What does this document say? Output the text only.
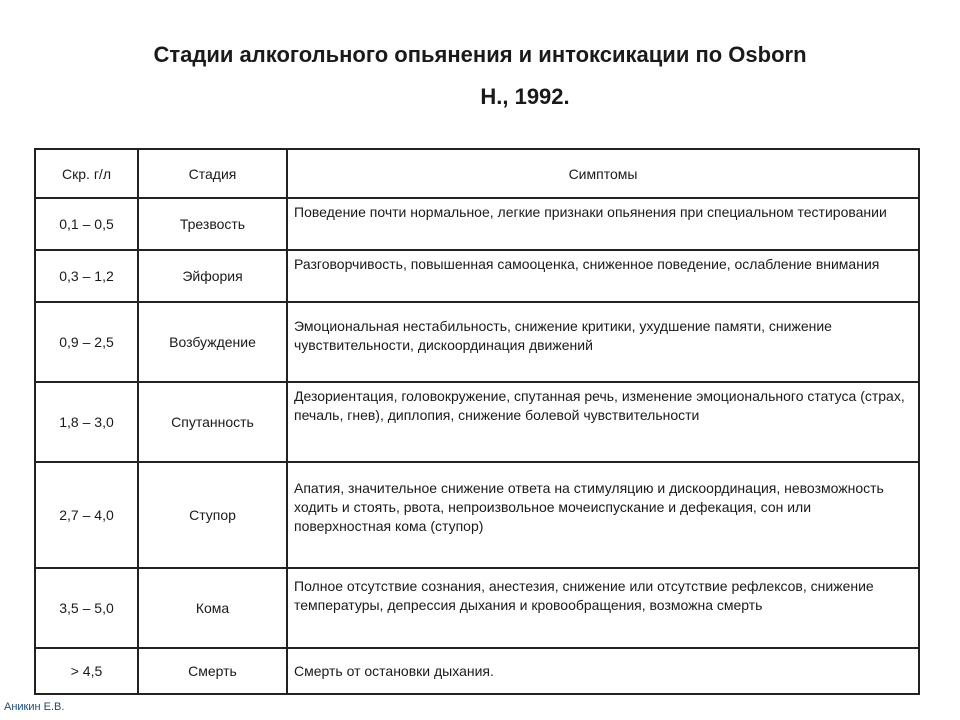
Стадии алкогольного опьянения и интоксикации по Osborn
H., 1992.
Скр. г/л	Стадия	Симптомы
0,1 – 0,5	Трезвость	Поведение почти нормальное, легкие признаки опьянения при специальном тестировании
0,3 – 1,2	Эйфория	Разговорчивость, повышенная самооценка, сниженное поведение, ослабление внимания
0,9 – 2,5	Возбуждение	Эмоциональная нестабильность, снижение критики, ухудшение памяти, снижение чувствительности, дискоординация движений
1,8 – 3,0	Спутанность	Дезориентация, головокружение, спутанная речь, изменение эмоционального статуса (страх, печаль, гнев), диплопия, снижение болевой чувствительности
2,7 – 4,0	Ступор	Апатия, значительное снижение ответа на стимуляцию и дискоординация, невозможность ходить и стоять, рвота, непроизвольное мочеиспускание и дефекация, сон или поверхностная кома (ступор)
3,5 – 5,0	Кома	Полное отсутствие сознания, анестезия, снижение или отсутствие рефлексов, снижение температуры, депрессия дыхания и кровообращения, возможна смерть
> 4,5	Смерть	Смерть от остановки дыхания.
Аникин Е.В.
